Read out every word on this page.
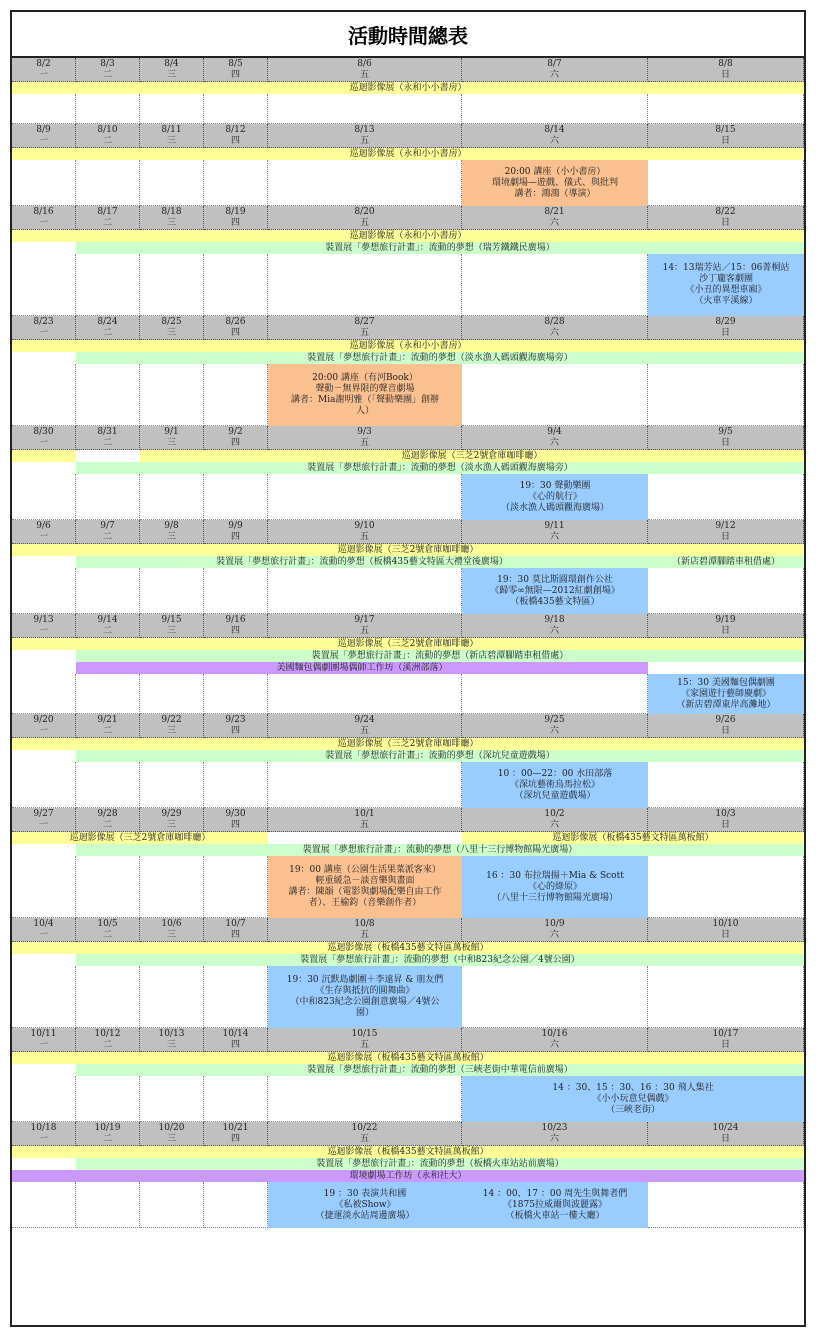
活動時間總表
8/2
一
8/3
二
8/4
三
8/5
四
8/6
五
8/7
六
8/8
日
巡迴影像展（永和小小書房）
8/9
一
8/10
二
8/11
三
8/12
四
8/13
五
8/14
六
8/15
日
巡迴影像展（永和小小書房）
20:00 講座（小小書房）
環境劇場—遊戲、儀式、與批判
講者：鴻鴻（導演）
8/16
一
8/17
二
8/18
三
8/19
四
8/20
五
8/21
六
8/22
日
巡迴影像展（永和小小書房）
裝置展「夢想旅行計畫」：流動的夢想（瑞芳鐵鐵民廣場）
14：13瑞芳站／15：06菁桐站
沙丁龐客劇團
《小丑的異想車廂》
（火車平溪線）
8/23
一
8/24
二
8/25
三
8/26
四
8/27
五
8/28
六
8/29
日
巡迴影像展（永和小小書房）
裝置展「夢想旅行計畫」：流動的夢想（淡水漁人碼頭觀海廣場旁）
20:00 講座（有河Book）
聲動－無界限的聲音劇場
講者：Mia謝明雅（「聲動樂團」創辦
人）
8/30
一
8/31
二
9/1
三
9/2
四
9/3
五
9/4
六
9/5
日
巡迴影像展（三芝2號倉庫咖啡廳）
裝置展「夢想旅行計畫」：流動的夢想（淡水漁人碼頭觀海廣場旁）
19：30 聲動樂團
《心的航行》
（淡水漁人碼頭觀海廣場）
9/6
一
9/7
二
9/8
三
9/9
四
9/10
五
9/11
六
9/12
日
巡迴影像展（三芝2號倉庫咖啡廳）
裝置展「夢想旅行計畫」：流動的夢想（板橋435藝文特區大禮堂後廣場）	（新店碧潭腳踏車租借處）
19：30 莫比斯圓環創作公社
《歸零∞無限—2012紅劇創場》
（板橋435藝文特區）
9/13
一
9/14
二
9/15
三
9/16
四
9/17
五
9/18
六
9/19
日
巡迴影像展（三芝2號倉庫咖啡廳）
裝置展「夢想旅行計畫」：流動的夢想（新店碧潭腳踏車租借處）
美國麵包偶劇團場偶師工作坊（溪洲部落）
15：30 美國麵包偶劇團
《家園遊行藝師慶劇》
（新店碧潭東岸高灘地）
9/20
一
9/21
二
9/22
三
9/23
四
9/24
五
9/25
六
9/26
日
巡迴影像展（三芝2號倉庫咖啡廳）
裝置展「夢想旅行計畫」：流動的夢想（深坑兒童遊戲場）
10 ：00—22：00 水田部落
《深坑藝術烏馬拉松》
（深坑兒童遊戲場）
9/27
一
9/28
二
9/29
三
9/30
四
10/1
五
10/2
六
10/3
日
巡迴影像展（三芝2號倉庫咖啡廳）	巡迴影像展（板橋435藝文特區萬板館）
裝置展「夢想旅行計畫」：流動的夢想（八里十三行博物館陽光廣場）
19：00 講座（公園生活果菜派客來）
輕重緩急－談音樂與畫面
講者：陳韻（電影與劇場配樂自由工作
者）、王榆鈞（音樂創作者）
16 ：30 布拉瑞揚＋Mia & Scott
《心的綠原》
（八里十三行博物館陽光廣場）
10/4
一
10/5
二
10/6
三
10/7
四
10/8
五
10/9
六
10/10
日
巡迴影像展（板橋435藝文特區萬板館）
裝置展「夢想旅行計畫」：流動的夢想（中和823紀念公園／4號公園）
19：30 沉默島劇團＋李遠昇 & 朋友們
《生存與抵抗的圓舞曲》
（中和823紀念公園創意廣場／4號公
園）
10/11
一
10/12
二
10/13
三
10/14
四
10/15
五
10/16
六
10/17
日
巡迴影像展（板橋435藝文特區萬板館）
裝置展「夢想旅行計畫」：流動的夢想（三峽老街中華電信前廣場）
14 ：30、15 ：30、16 ：30 飛人集社
《小小玩意兒偶戲》
（三峽老街）
10/18
一
10/19
二
10/20
三
10/21
四
10/22
五
10/23
六
10/24
日
巡迴影像展（板橋435藝文特區萬板館）
裝置展「夢想旅行計畫」：流動的夢想（板橋火車站站前廣場）
環境劇場工作坊（永和社大）
19 ：30 表演共和國
《私被Show》
（捷運淡水站周邊廣場）
14 ：00、17 ：00 周先生與舞者們
《1875拉威爾與波麗露》
（板橋火車站一樓大廳）
